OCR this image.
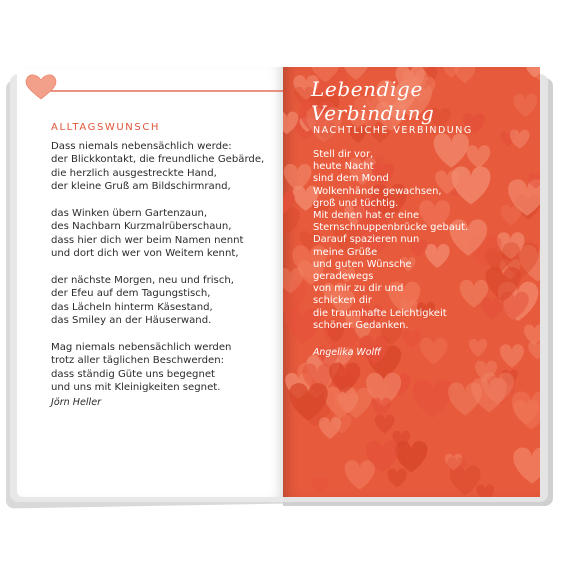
ALLTAGSWUNSCH
Dass niemals nebensächlich werde:
der Blickkontakt, die freundliche Gebärde,
die herzlich ausgestreckte Hand,
der kleine Gruß am Bildschirmrand,
das Winken übern Gartenzaun,
des Nachbarn Kurzmalrüberschaun,
dass hier dich wer beim Namen nennt
und dort dich wer von Weitem kennt,
der nächste Morgen, neu und frisch,
der Efeu auf dem Tagungstisch,
das Lächeln hinterm Käsestand,
das Smiley an der Häuserwand.
Mag niemals nebensächlich werden
trotz aller täglichen Beschwerden:
dass ständig Güte uns begegnet
und uns mit Kleinigkeiten segnet.
Jörn Heller
Lebendige Verbindung
NACHTLICHE VERBINDUNG
Stell dir vor,
heute Nacht
sind dem Mond
Wolkenhände gewachsen,
groß und tüchtig.
Mit denen hat er eine
Sternschnuppenbrücke gebaut.
Darauf spazieren nun
meine Grüße
und guten Wünsche
geradewegs
von mir zu dir und
schicken dir
die traumhafte Leichtigkeit
schöner Gedanken.
Angelika Wolff
